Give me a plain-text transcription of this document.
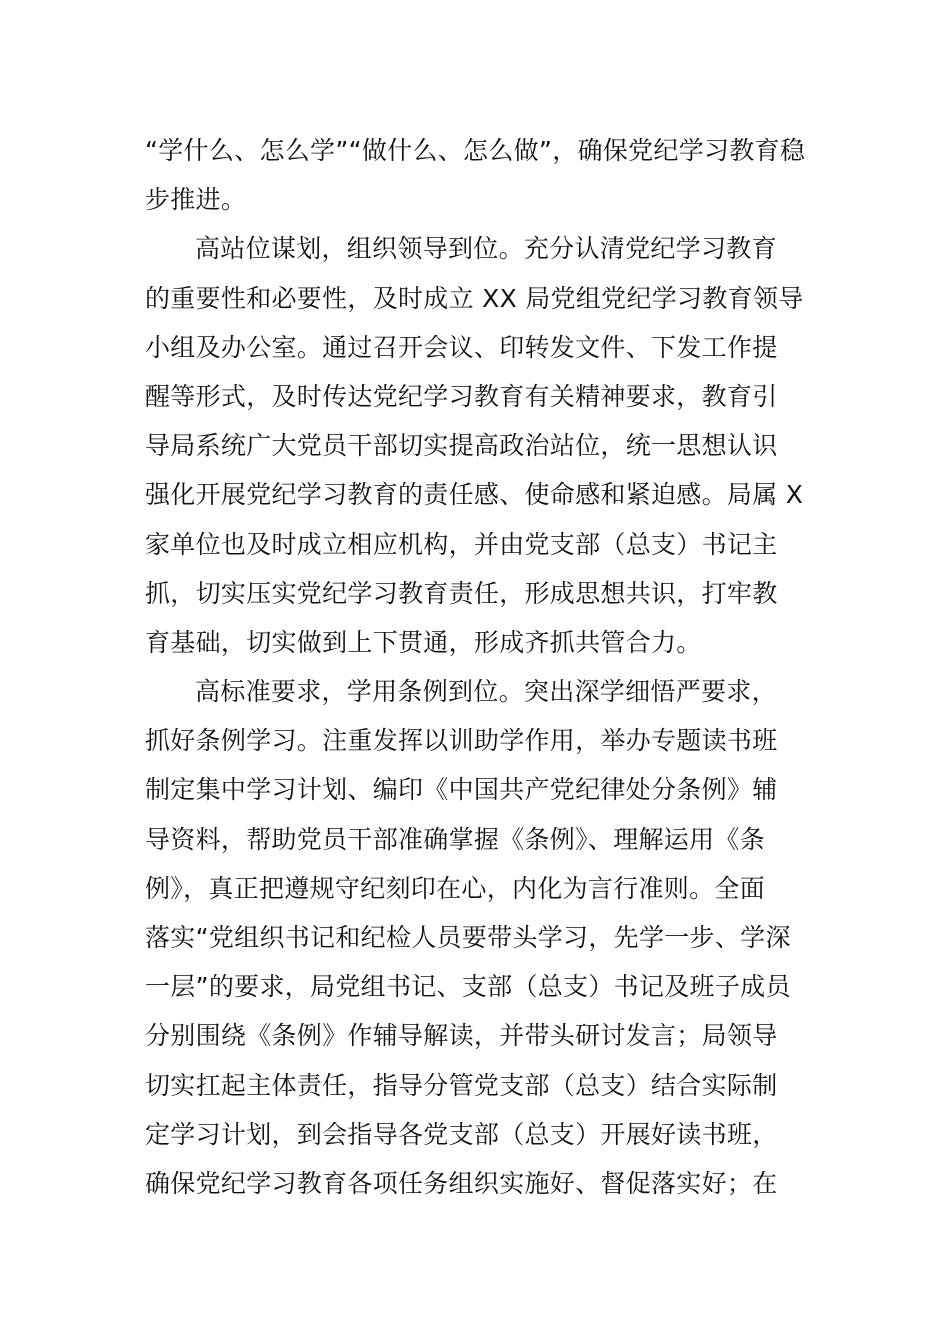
“学什么、怎么学”“做什么、怎么做”，确保党纪学习教育稳
步推进。
高站位谋划，组织领导到位。充分认清党纪学习教育
的重要性和必要性，及时成立 XX 局党组党纪学习教育领导
小组及办公室。通过召开会议、印转发文件、下发工作提
醒等形式，及时传达党纪学习教育有关精神要求，教育引
导局系统广大党员干部切实提高政治站位，统一思想认识
强化开展党纪学习教育的责任感、使命感和紧迫感。局属 X
家单位也及时成立相应机构，并由党支部（总支）书记主
抓，切实压实党纪学习教育责任，形成思想共识，打牢教
育基础，切实做到上下贯通，形成齐抓共管合力。
高标准要求，学用条例到位。突出深学细悟严要求，
抓好条例学习。注重发挥以训助学作用，举办专题读书班
制定集中学习计划、编印《中国共产党纪律处分条例》辅
导资料，帮助党员干部准确掌握《条例》、理解运用《条
例》，真正把遵规守纪刻印在心，内化为言行准则。全面
落实“党组织书记和纪检人员要带头学习，先学一步、学深
一层”的要求，局党组书记、支部（总支）书记及班子成员
分别围绕《条例》作辅导解读，并带头研讨发言；局领导
切实扛起主体责任，指导分管党支部（总支）结合实际制
定学习计划，到会指导各党支部（总支）开展好读书班，
确保党纪学习教育各项任务组织实施好、督促落实好；在
